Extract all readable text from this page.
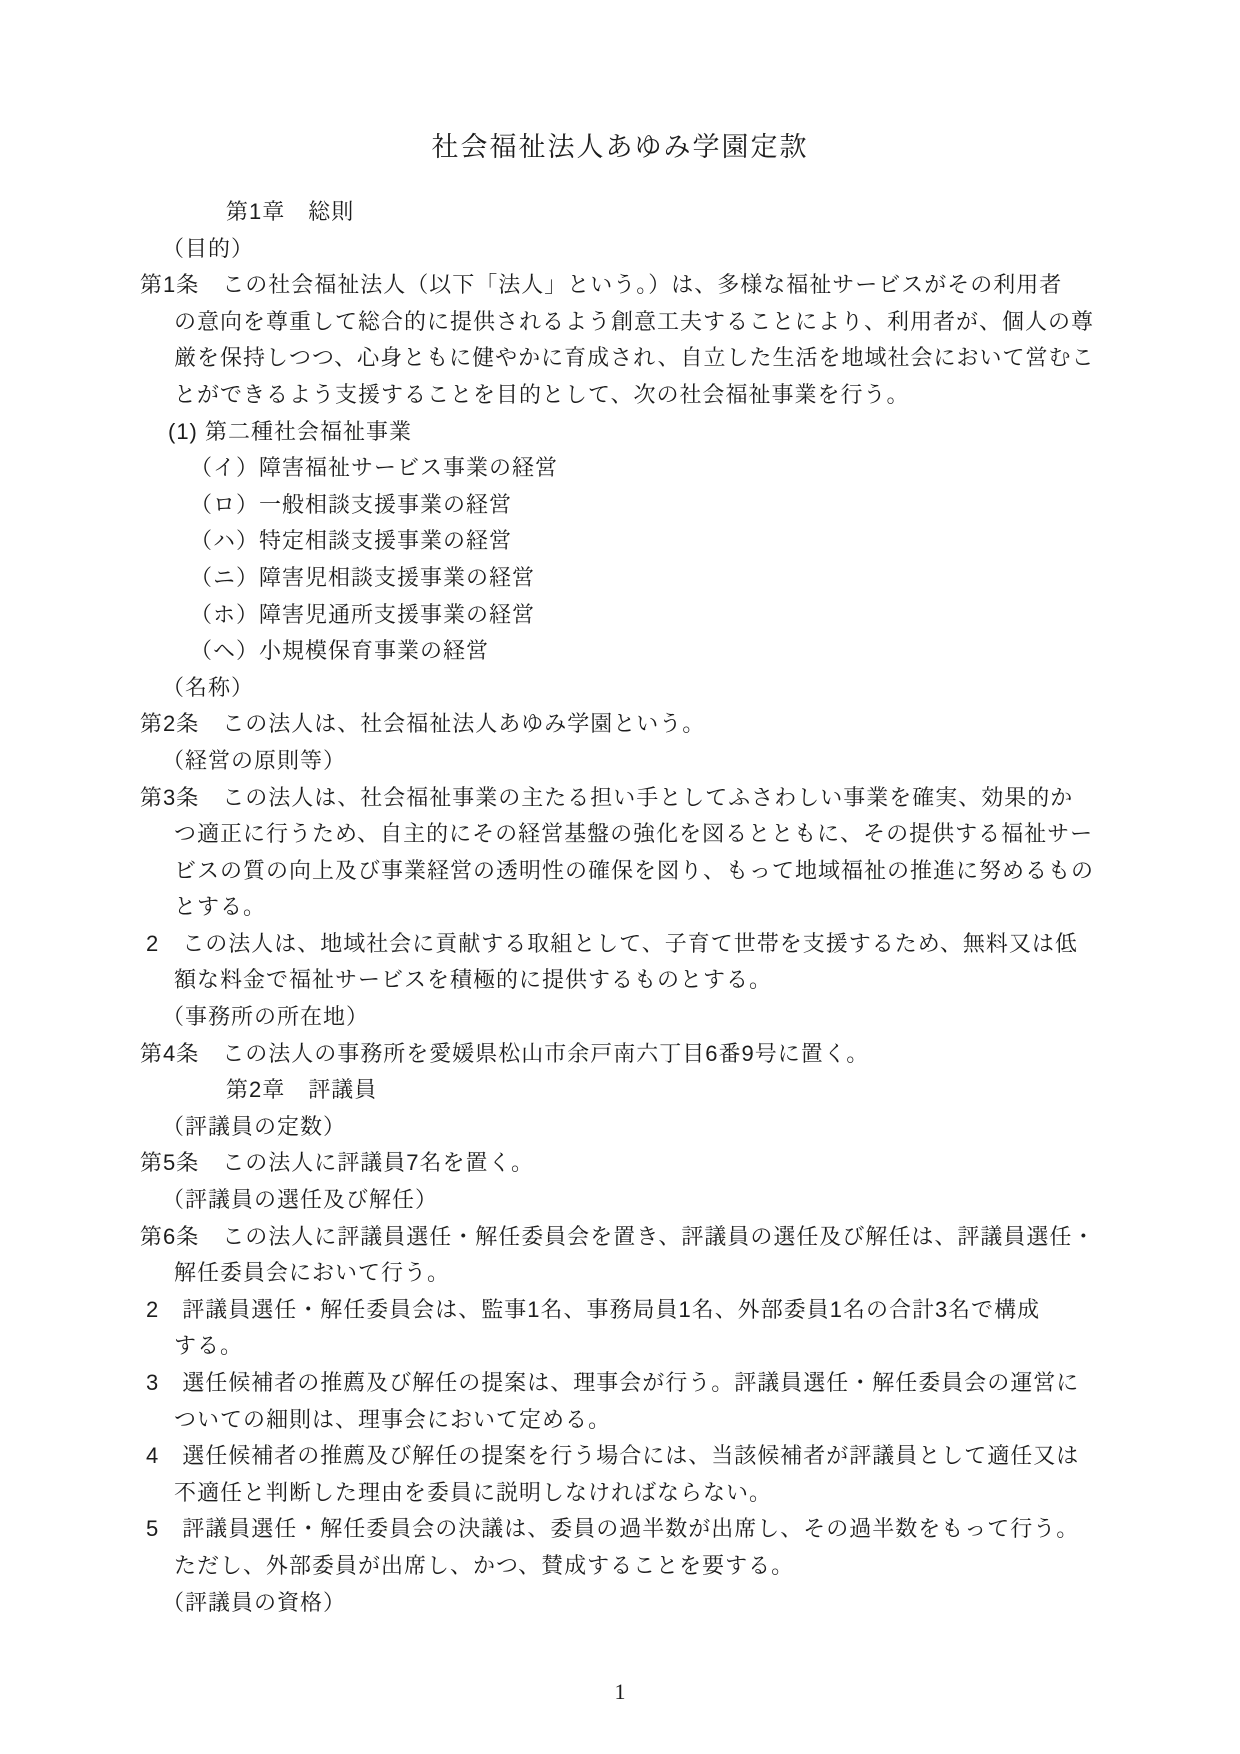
社会福祉法人あゆみ学園定款
第1章　総則
（目的）
第1条　この社会福祉法人（以下「法人」という。）は、多様な福祉サービスがその利用者
の意向を尊重して総合的に提供されるよう創意工夫することにより、利用者が、個人の尊
厳を保持しつつ、心身ともに健やかに育成され、自立した生活を地域社会において営むこ
とができるよう支援することを目的として、次の社会福祉事業を行う。
(1) 第二種社会福祉事業
（イ）障害福祉サービス事業の経営
（ロ）一般相談支援事業の経営
（ハ）特定相談支援事業の経営
（ニ）障害児相談支援事業の経営
（ホ）障害児通所支援事業の経営
（ヘ）小規模保育事業の経営
（名称）
第2条　この法人は、社会福祉法人あゆみ学園という。
（経営の原則等）
第3条　この法人は、社会福祉事業の主たる担い手としてふさわしい事業を確実、効果的か
つ適正に行うため、自主的にその経営基盤の強化を図るとともに、その提供する福祉サー
ビスの質の向上及び事業経営の透明性の確保を図り、もって地域福祉の推進に努めるもの
とする。
2　この法人は、地域社会に貢献する取組として、子育て世帯を支援するため、無料又は低
額な料金で福祉サービスを積極的に提供するものとする。
（事務所の所在地）
第4条　この法人の事務所を愛媛県松山市余戸南六丁目6番9号に置く。
第2章　評議員
（評議員の定数）
第5条　この法人に評議員7名を置く。
（評議員の選任及び解任）
第6条　この法人に評議員選任・解任委員会を置き、評議員の選任及び解任は、評議員選任・
解任委員会において行う。
2　評議員選任・解任委員会は、監事1名、事務局員1名、外部委員1名の合計3名で構成
する。
3　選任候補者の推薦及び解任の提案は、理事会が行う。評議員選任・解任委員会の運営に
ついての細則は、理事会において定める。
4　選任候補者の推薦及び解任の提案を行う場合には、当該候補者が評議員として適任又は
不適任と判断した理由を委員に説明しなければならない。
5　評議員選任・解任委員会の決議は、委員の過半数が出席し、その過半数をもって行う。
ただし、外部委員が出席し、かつ、賛成することを要する。
（評議員の資格）
1
